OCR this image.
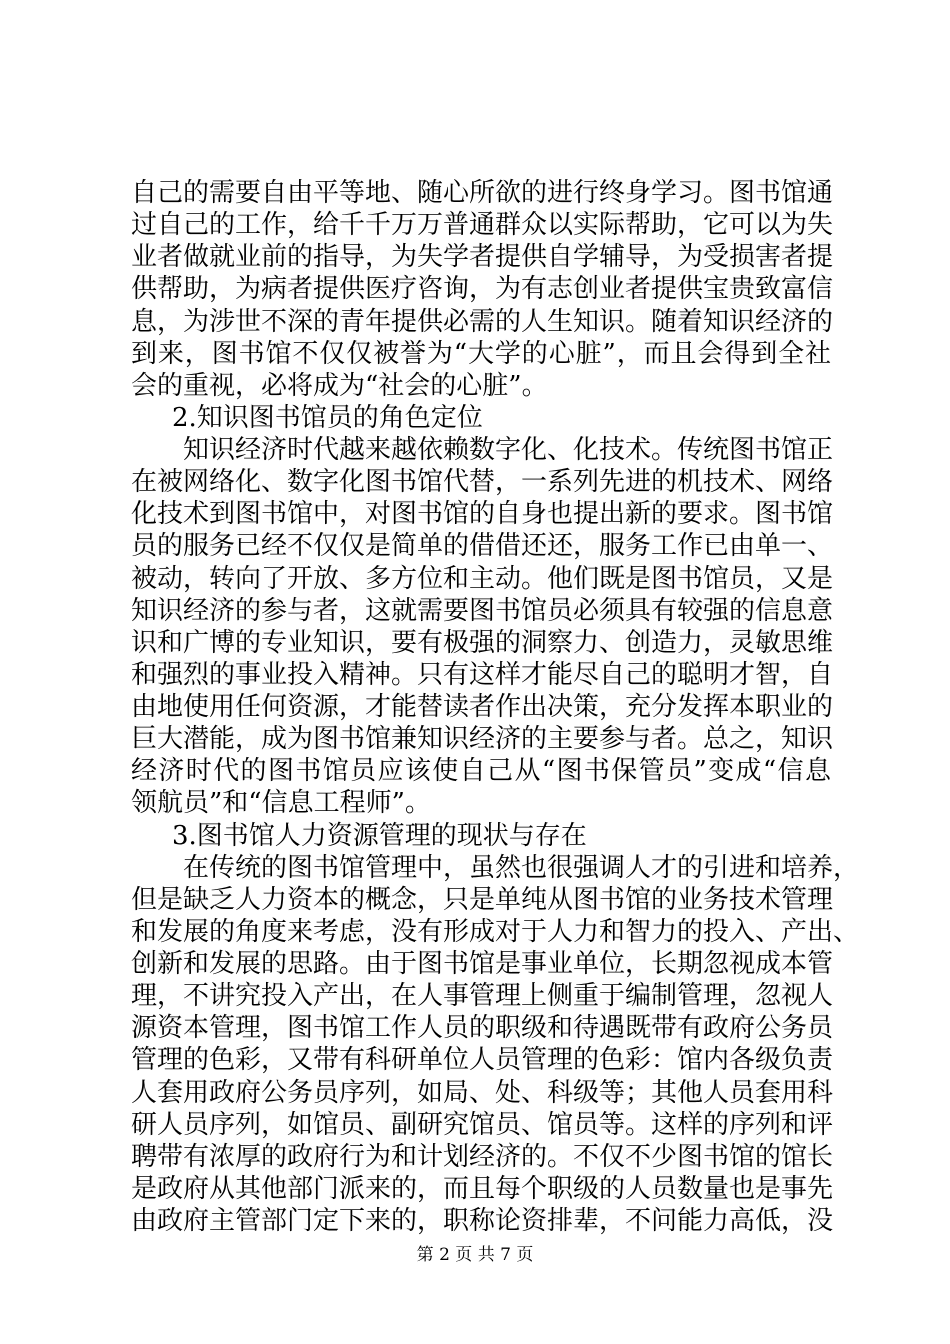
自己的需要自由平等地、随心所欲的进行终身学习。图书馆通
过自己的工作，给千千万万普通群众以实际帮助，它可以为失
业者做就业前的指导，为失学者提供自学辅导，为受损害者提
供帮助，为病者提供医疗咨询，为有志创业者提供宝贵致富信
息，为涉世不深的青年提供必需的人生知识。随着知识经济的
到来，图书馆不仅仅被誉为“大学的心脏”，而且会得到全社
会的重视，必将成为“社会的心脏”。
2.知识图书馆员的角色定位
知识经济时代越来越依赖数字化、化技术。传统图书馆正
在被网络化、数字化图书馆代替，一系列先进的机技术、网络
化技术到图书馆中，对图书馆的自身也提出新的要求。图书馆
员的服务已经不仅仅是简单的借借还还，服务工作已由单一、
被动，转向了开放、多方位和主动。他们既是图书馆员，又是
知识经济的参与者，这就需要图书馆员必须具有较强的信息意
识和广博的专业知识，要有极强的洞察力、创造力，灵敏思维
和强烈的事业投入精神。只有这样才能尽自己的聪明才智，自
由地使用任何资源，才能替读者作出决策，充分发挥本职业的
巨大潜能，成为图书馆兼知识经济的主要参与者。总之，知识
经济时代的图书馆员应该使自己从“图书保管员”变成“信息
领航员”和“信息工程师”。
3.图书馆人力资源管理的现状与存在
在传统的图书馆管理中，虽然也很强调人才的引进和培养，
但是缺乏人力资本的概念，只是单纯从图书馆的业务技术管理
和发展的角度来考虑，没有形成对于人力和智力的投入、产出、
创新和发展的思路。由于图书馆是事业单位，长期忽视成本管
理，不讲究投入产出，在人事管理上侧重于编制管理，忽视人
源资本管理，图书馆工作人员的职级和待遇既带有政府公务员
管理的色彩，又带有科研单位人员管理的色彩：馆内各级负责
人套用政府公务员序列，如局、处、科级等；其他人员套用科
研人员序列，如馆员、副研究馆员、馆员等。这样的序列和评
聘带有浓厚的政府行为和计划经济的。不仅不少图书馆的馆长
是政府从其他部门派来的，而且每个职级的人员数量也是事先
由政府主管部门定下来的，职称论资排辈，不问能力高低，没
第 2 页 共 7 页
